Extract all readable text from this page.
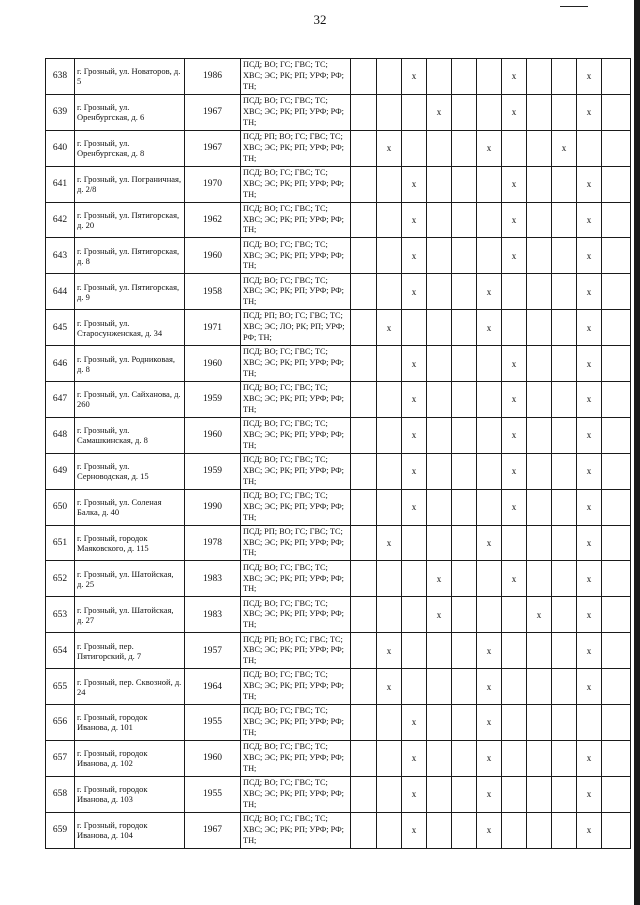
32
638	г. Грозный, ул. Новаторов, д. 5	1986	ПСД; ВО; ГС; ГВС; ТС; ХВС; ЭС; РК; РП; УРФ; РФ; ТН;			x				x			x	
639	г. Грозный, ул. Оренбургская, д. 6	1967	ПСД; ВО; ГС; ГВС; ТС; ХВС; ЭС; РК; РП; УРФ; РФ; ТН;				x			x			x	
640	г. Грозный, ул. Оренбургская, д. 8	1967	ПСД; РП; ВО; ГС; ГВС; ТС; ХВС; ЭС; РК; РП; УРФ; РФ; ТН;		x				x			x		
641	г. Грозный, ул. Пограничная, д. 2/8	1970	ПСД; ВО; ГС; ГВС; ТС; ХВС; ЭС; РК; РП; УРФ; РФ; ТН;			x				x			x	
642	г. Грозный, ул. Пятигорская, д. 20	1962	ПСД; ВО; ГС; ГВС; ТС; ХВС; ЭС; РК; РП; УРФ; РФ; ТН;			x				x			x	
643	г. Грозный, ул. Пятигорская, д. 8	1960	ПСД; ВО; ГС; ГВС; ТС; ХВС; ЭС; РК; РП; УРФ; РФ; ТН;			x				x			x	
644	г. Грозный, ул. Пятигорская, д. 9	1958	ПСД; ВО; ГС; ГВС; ТС; ХВС; ЭС; РК; РП; УРФ; РФ; ТН;			x			x				x	
645	г. Грозный, ул. Старосунженская, д. 34	1971	ПСД; РП; ВО; ГС; ГВС; ТС; ХВС; ЭС; ЛО; РК; РП; УРФ; РФ; ТН;		x				x				x	
646	г. Грозный, ул. Родниковая, д. 8	1960	ПСД; ВО; ГС; ГВС; ТС; ХВС; ЭС; РК; РП; УРФ; РФ; ТН;			x				x			x	
647	г. Грозный, ул. Сайханова, д. 260	1959	ПСД; ВО; ГС; ГВС; ТС; ХВС; ЭС; РК; РП; УРФ; РФ; ТН;			x				x			x	
648	г. Грозный, ул. Самашкинская, д. 8	1960	ПСД; ВО; ГС; ГВС; ТС; ХВС; ЭС; РК; РП; УРФ; РФ; ТН;			x				x			x	
649	г. Грозный, ул. Серноводская, д. 15	1959	ПСД; ВО; ГС; ГВС; ТС; ХВС; ЭС; РК; РП; УРФ; РФ; ТН;			x				x			x	
650	г. Грозный, ул. Соленая Балка, д. 40	1990	ПСД; ВО; ГС; ГВС; ТС; ХВС; ЭС; РК; РП; УРФ; РФ; ТН;			x				x			x	
651	г. Грозный, городок Маяковского, д. 115	1978	ПСД; РП; ВО; ГС; ГВС; ТС; ХВС; ЭС; РК; РП; УРФ; РФ; ТН;		x				x				x	
652	г. Грозный, ул. Шатойская, д. 25	1983	ПСД; ВО; ГС; ГВС; ТС; ХВС; ЭС; РК; РП; УРФ; РФ; ТН;				x			x			x	
653	г. Грозный, ул. Шатойская, д. 27	1983	ПСД; ВО; ГС; ГВС; ТС; ХВС; ЭС; РК; РП; УРФ; РФ; ТН;				x				x		x	
654	г. Грозный, пер. Пятигорский, д. 7	1957	ПСД; РП; ВО; ГС; ГВС; ТС; ХВС; ЭС; РК; РП; УРФ; РФ; ТН;		x				x				x	
655	г. Грозный, пер. Сквозной, д. 24	1964	ПСД; ВО; ГС; ГВС; ТС; ХВС; ЭС; РК; РП; УРФ; РФ; ТН;		x				x				x	
656	г. Грозный, городок Иванова, д. 101	1955	ПСД; ВО; ГС; ГВС; ТС; ХВС; ЭС; РК; РП; УРФ; РФ; ТН;			x			x					
657	г. Грозный, городок Иванова, д. 102	1960	ПСД; ВО; ГС; ГВС; ТС; ХВС; ЭС; РК; РП; УРФ; РФ; ТН;			x			x				x	
658	г. Грозный, городок Иванова, д. 103	1955	ПСД; ВО; ГС; ГВС; ТС; ХВС; ЭС; РК; РП; УРФ; РФ; ТН;			x			x				x	
659	г. Грозный, городок Иванова, д. 104	1967	ПСД; ВО; ГС; ГВС; ТС; ХВС; ЭС; РК; РП; УРФ; РФ; ТН;			x			x				x	
